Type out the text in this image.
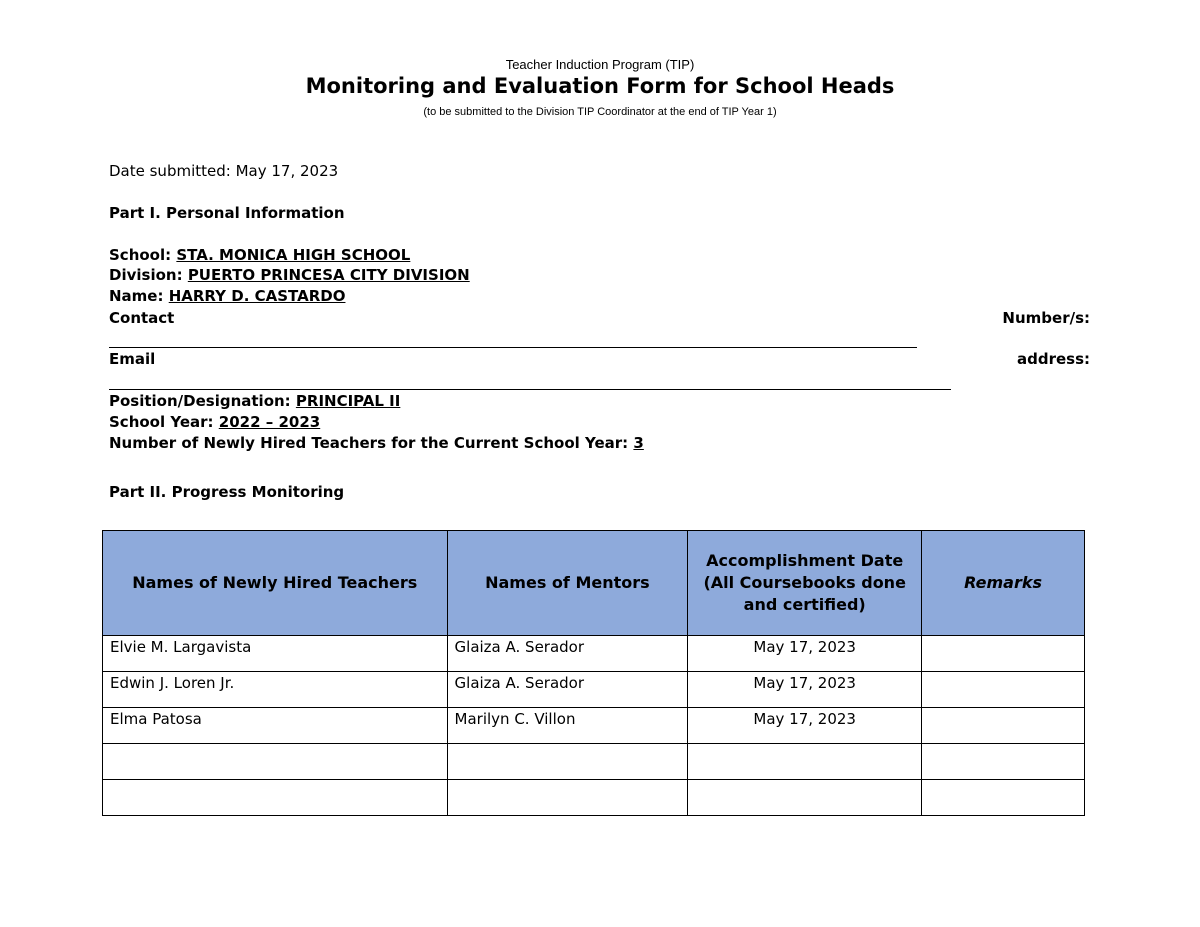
Teacher Induction Program (TIP)
Monitoring and Evaluation Form for School Heads
(to be submitted to the Division TIP Coordinator at the end of TIP Year 1)
Date submitted: May 17, 2023
Part I. Personal Information
School: STA. MONICA HIGH SCHOOL
Division: PUERTO PRINCESA CITY DIVISION
Name: HARRY D. CASTARDO
Contact	Number/s:
Email	address:
Position/Designation: PRINCIPAL II
School Year: 2022 – 2023
Number of Newly Hired Teachers for the Current School Year: 3
Part II. Progress Monitoring
Names of Newly Hired Teachers	Names of Mentors	Accomplishment Date (All Coursebooks done and certified)	Remarks
Elvie M. Largavista	Glaiza A. Serador	May 17, 2023	
Edwin J. Loren Jr.	Glaiza A. Serador	May 17, 2023	
Elma Patosa	Marilyn C. Villon	May 17, 2023	
